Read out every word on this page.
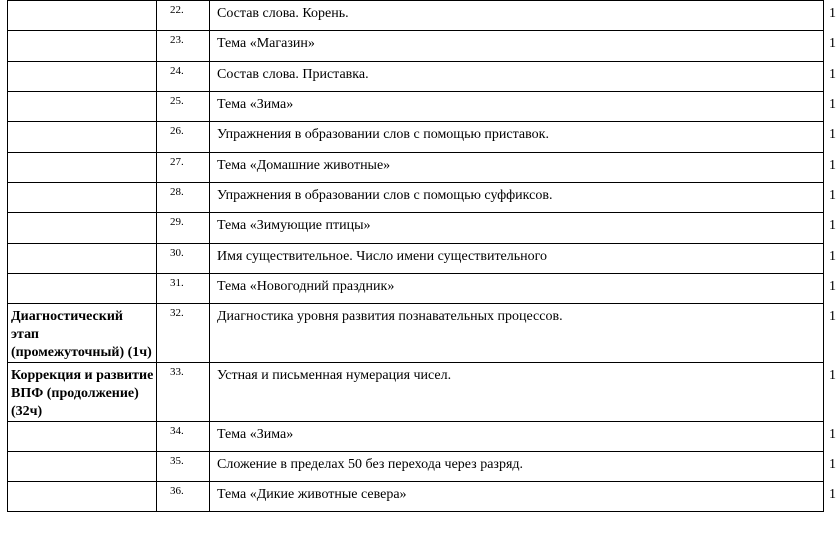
	22.	Состав слова. Корень.	1
	23.	Тема «Магазин»	1
	24.	Состав слова. Приставка.	1
	25.	Тема «Зима»	1
	26.	Упражнения в образовании слов с помощью приставок.	1
	27.	Тема «Домашние животные»	1
	28.	Упражнения в образовании слов с помощью суффиксов.	1
	29.	Тема «Зимующие птицы»	1
	30.	Имя существительное. Число имени существительного	1
	31.	Тема «Новогодний праздник»	1
Диагностический этап (промежуточный) (1ч)	32.	Диагностика уровня развития познавательных процессов.	1
Коррекция и развитие ВПФ (продолжение) (32ч)	33.	Устная и письменная нумерация чисел.	1
	34.	Тема «Зима»	1
	35.	Сложение в пределах 50 без перехода через разряд.	1
	36.	Тема «Дикие животные севера»	1
